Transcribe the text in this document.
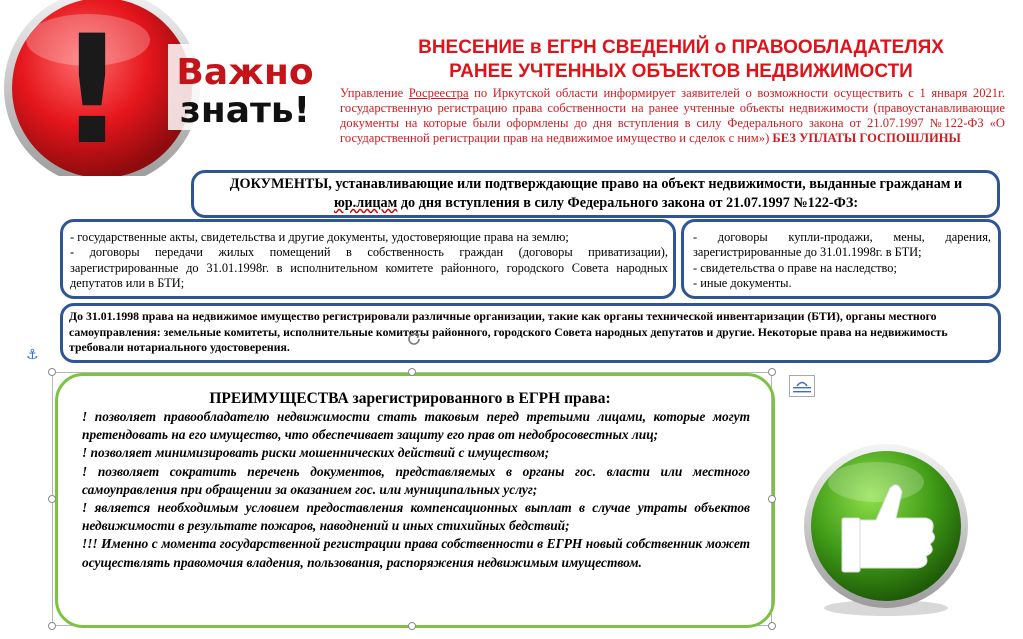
! Важно
знать!
ВНЕСЕНИЕ в ЕГРН СВЕДЕНИЙ о ПРАВООБЛАДАТЕЛЯХ
РАНЕЕ УЧТЕННЫХ ОБЪЕКТОВ НЕДВИЖИМОСТИ
Управление Росреестра по Иркутской области информирует заявителей о возможности осуществить с 1 января 2021г. государственную регистрацию права собственности на ранее учтенные объекты недвижимости (правоустанавливающие документы на которые были оформлены до дня вступления в силу Федерального закона от 21.07.1997 №122-ФЗ «О государственной регистрации прав на недвижимое имущество и сделок с ним») БЕЗ УПЛАТЫ ГОСПОШЛИНЫ
ДОКУМЕНТЫ, устанавливающие или подтверждающие право на объект недвижимости, выданные гражданам и юр.лицам до дня вступления в силу Федерального закона от 21.07.1997 №122-ФЗ:
- государственные акты, свидетельства и другие документы, удостоверяющие права на землю;
- договоры передачи жилых помещений в собственность граждан (договоры приватизации), зарегистрированные до 31.01.1998г. в исполнительном комитете районного, городского Совета народных депутатов или в БТИ;
- договоры купли-продажи, мены, дарения, зарегистрированные до 31.01.1998г. в БТИ;
- свидетельства о праве на наследство;
- иные документы.
До 31.01.1998 права на недвижимое имущество регистрировали различные организации, такие как органы технической инвентаризации (БТИ), органы местного самоуправления: земельные комитеты, исполнительные комитеты районного, городского Совета народных депутатов и другие. Некоторые права на недвижимость требовали нотариального удостоверения.
⚓
ПРЕИМУЩЕСТВА зарегистрированного в ЕГРН права:
! позволяет правообладателю недвижимости стать таковым перед третьими лицами, которые могут претендовать на его имущество, что обеспечивает защиту его прав от недобросовестных лиц;
! позволяет минимизировать риски мошеннических действий с имуществом;
! позволяет сократить перечень документов, представляемых в органы гос. власти или местного самоуправления при обращении за оказанием гос. или муниципальных услуг;
! является необходимым условием предоставления компенсационных выплат в случае утраты объектов недвижимости в результате пожаров, наводнений и иных стихийных бедствий;
!!! Именно с момента государственной регистрации права собственности в ЕГРН новый собственник может осуществлять правомочия владения, пользования, распоряжения недвижимым имуществом.
